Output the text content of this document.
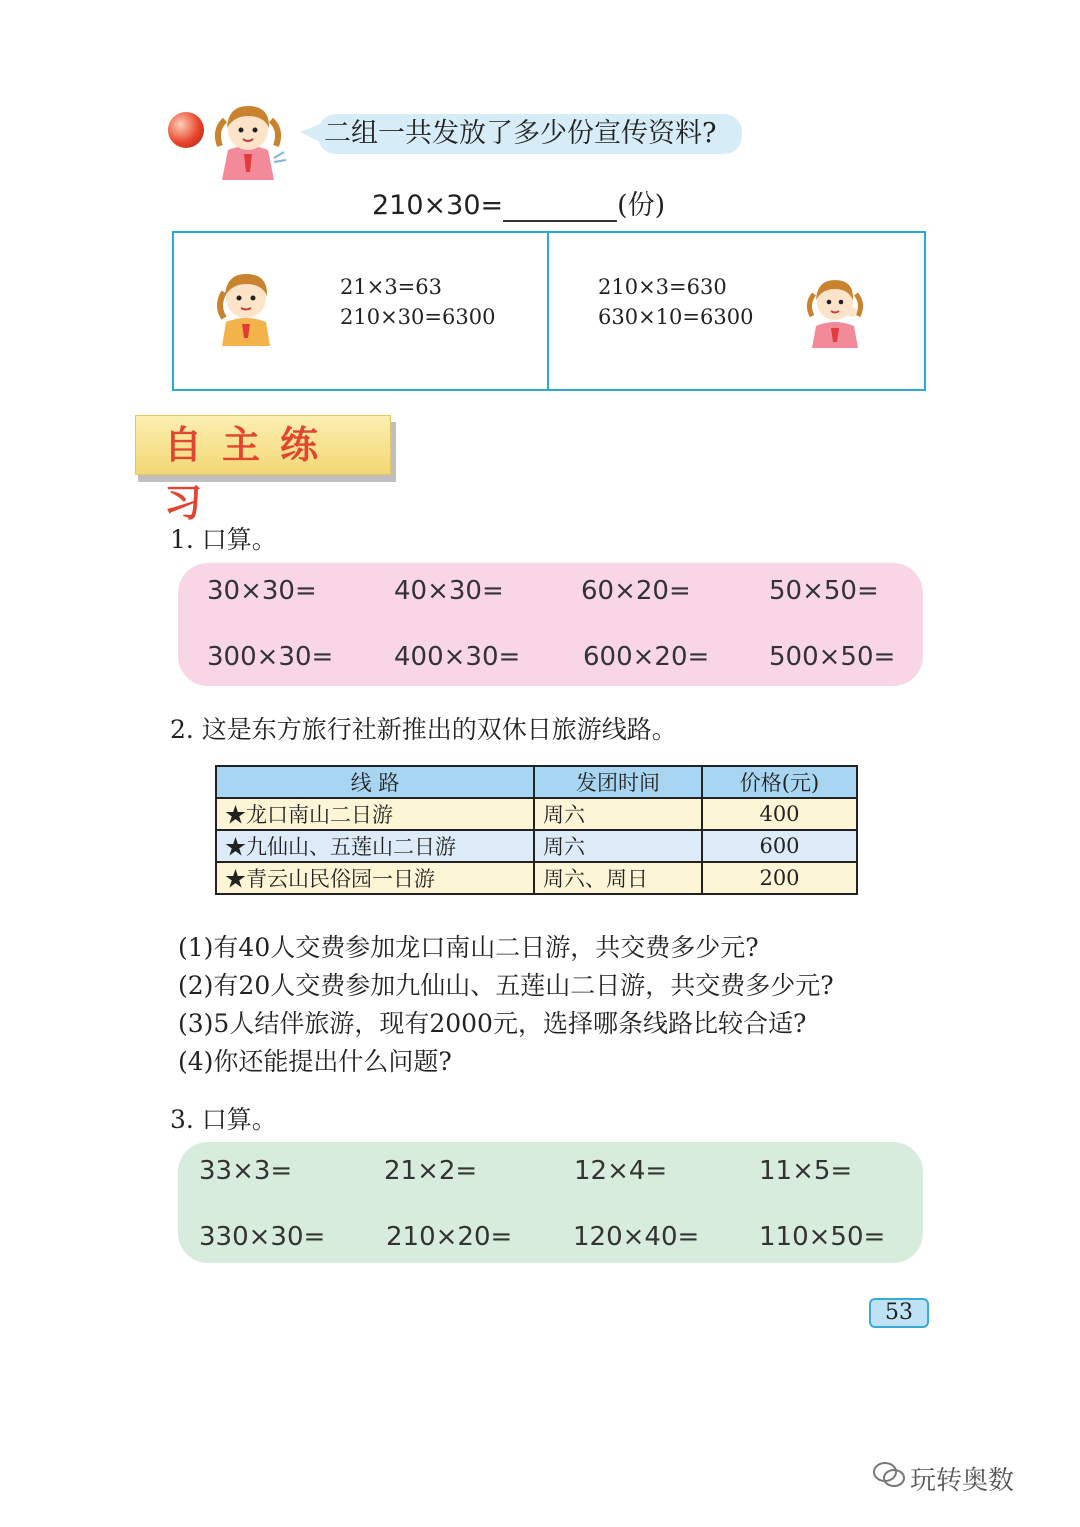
二组一共发放了多少份宣传资料?
210×30=	(份)
21×3=63
210×30=6300
210×3=630
630×10=6300
自主练习
1. 口算。
30×30=	40×30=	60×20=	50×50=
300×30= 400×30= 600×20= 500×50=
2. 这是东方旅行社新推出的双休日旅游线路。
线 路	发团时间	价格(元)
★龙口南山二日游	周六	400
★九仙山、五莲山二日游	周六	600
★青云山民俗园一日游	周六、周日	200
(1)有40人交费参加龙口南山二日游，共交费多少元?
(2)有20人交费参加九仙山、五莲山二日游，共交费多少元?
(3)5人结伴旅游，现有2000元，选择哪条线路比较合适?
(4)你还能提出什么问题?
3. 口算。
33×3=	21×2=	12×4=	11×5=
330×30= 210×20= 120×40= 110×50=
53
玩转奥数
